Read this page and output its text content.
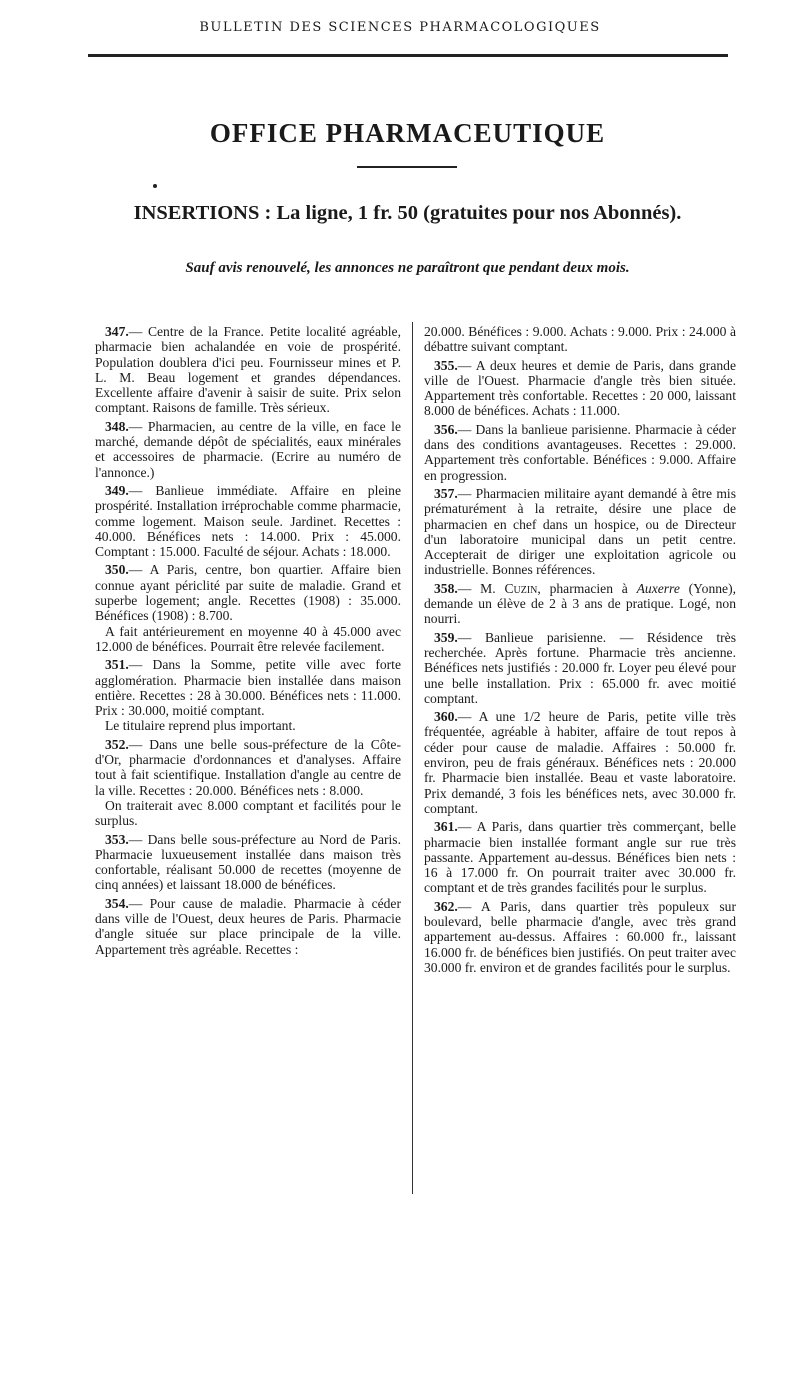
BULLETIN DES SCIENCES PHARMACOLOGIQUES
OFFICE PHARMACEUTIQUE
INSERTIONS : La ligne, 1 fr. 50 (gratuites pour nos Abonnés).
Sauf avis renouvelé, les annonces ne paraîtront que pendant deux mois.

347.— Centre de la France. Petite localité agréable, pharmacie bien achalandée en voie de prospérité. Population doublera d'ici peu. Fournisseur mines et P. L. M. Beau logement et grandes dépendances. Excellente affaire d'avenir à saisir de suite. Prix selon comptant. Raisons de famille. Très sérieux.

348.— Pharmacien, au centre de la ville, en face le marché, demande dépôt de spécialités, eaux minérales et accessoires de pharmacie. (Ecrire au numéro de l'annonce.)

349.— Banlieue immédiate. Affaire en pleine prospérité. Installation irréprochable comme pharmacie, comme logement. Maison seule. Jardinet. Recettes : 40.000. Bénéfices nets : 14.000. Prix : 45.000. Comptant : 15.000. Faculté de séjour. Achats : 18.000.

350.— A Paris, centre, bon quartier. Affaire bien connue ayant périclité par suite de maladie. Grand et superbe logement; angle. Recettes (1908) : 35.000. Bénéfices (1908) : 8.700.

A fait antérieurement en moyenne 40 à 45.000 avec 12.000 de bénéfices. Pourrait être relevée facilement.

351.— Dans la Somme, petite ville avec forte agglomération. Pharmacie bien installée dans maison entière. Recettes : 28 à 30.000. Bénéfices nets : 11.000. Prix : 30.000, moitié comptant.

Le titulaire reprend plus important.

352.— Dans une belle sous-préfecture de la Côte-d'Or, pharmacie d'ordonnances et d'analyses. Affaire tout à fait scientifique. Installation d'angle au centre de la ville. Recettes : 20.000. Bénéfices nets : 8.000.

On traiterait avec 8.000 comptant et facilités pour le surplus.

353.— Dans belle sous-préfecture au Nord de Paris. Pharmacie luxueusement installée dans maison très confortable, réalisant 50.000 de recettes (moyenne de cinq années) et laissant 18.000 de bénéfices.

354.— Pour cause de maladie. Pharmacie à céder dans ville de l'Ouest, deux heures de Paris. Pharmacie d'angle située sur place principale de la ville. Appartement très agréable. Recettes :

20.000. Bénéfices : 9.000. Achats : 9.000. Prix : 24.000 à débattre suivant comptant.

355.— A deux heures et demie de Paris, dans grande ville de l'Ouest. Pharmacie d'angle très bien située. Appartement très confortable. Recettes : 20 000, laissant 8.000 de bénéfices. Achats : 11.000.

356.— Dans la banlieue parisienne. Pharmacie à céder dans des conditions avantageuses. Recettes : 29.000. Appartement très confortable. Bénéfices : 9.000. Affaire en progression.

357.— Pharmacien militaire ayant demandé à être mis prématurément à la retraite, désire une place de pharmacien en chef dans un hospice, ou de Directeur d'un laboratoire municipal dans un petit centre. Accepterait de diriger une exploitation agricole ou industrielle. Bonnes références.

358.— M. Cuzin, pharmacien à Auxerre (Yonne), demande un élève de 2 à 3 ans de pratique. Logé, non nourri.

359.— Banlieue parisienne. — Résidence très recherchée. Après fortune. Pharmacie très ancienne. Bénéfices nets justifiés : 20.000 fr. Loyer peu élevé pour une belle installation. Prix : 65.000 fr. avec moitié comptant.

360.— A une 1/2 heure de Paris, petite ville très fréquentée, agréable à habiter, affaire de tout repos à céder pour cause de maladie. Affaires : 50.000 fr. environ, peu de frais généraux. Bénéfices nets : 20.000 fr. Pharmacie bien installée. Beau et vaste laboratoire. Prix demandé, 3 fois les bénéfices nets, avec 30.000 fr. comptant.

361.— A Paris, dans quartier très commerçant, belle pharmacie bien installée formant angle sur rue très passante. Appartement au-dessus. Bénéfices bien nets : 16 à 17.000 fr. On pourrait traiter avec 30.000 fr. comptant et de très grandes facilités pour le surplus.

362.— A Paris, dans quartier très populeux sur boulevard, belle pharmacie d'angle, avec très grand appartement au-dessus. Affaires : 60.000 fr., laissant 16.000 fr. de bénéfices bien justifiés. On peut traiter avec 30.000 fr. environ et de grandes facilités pour le surplus.
